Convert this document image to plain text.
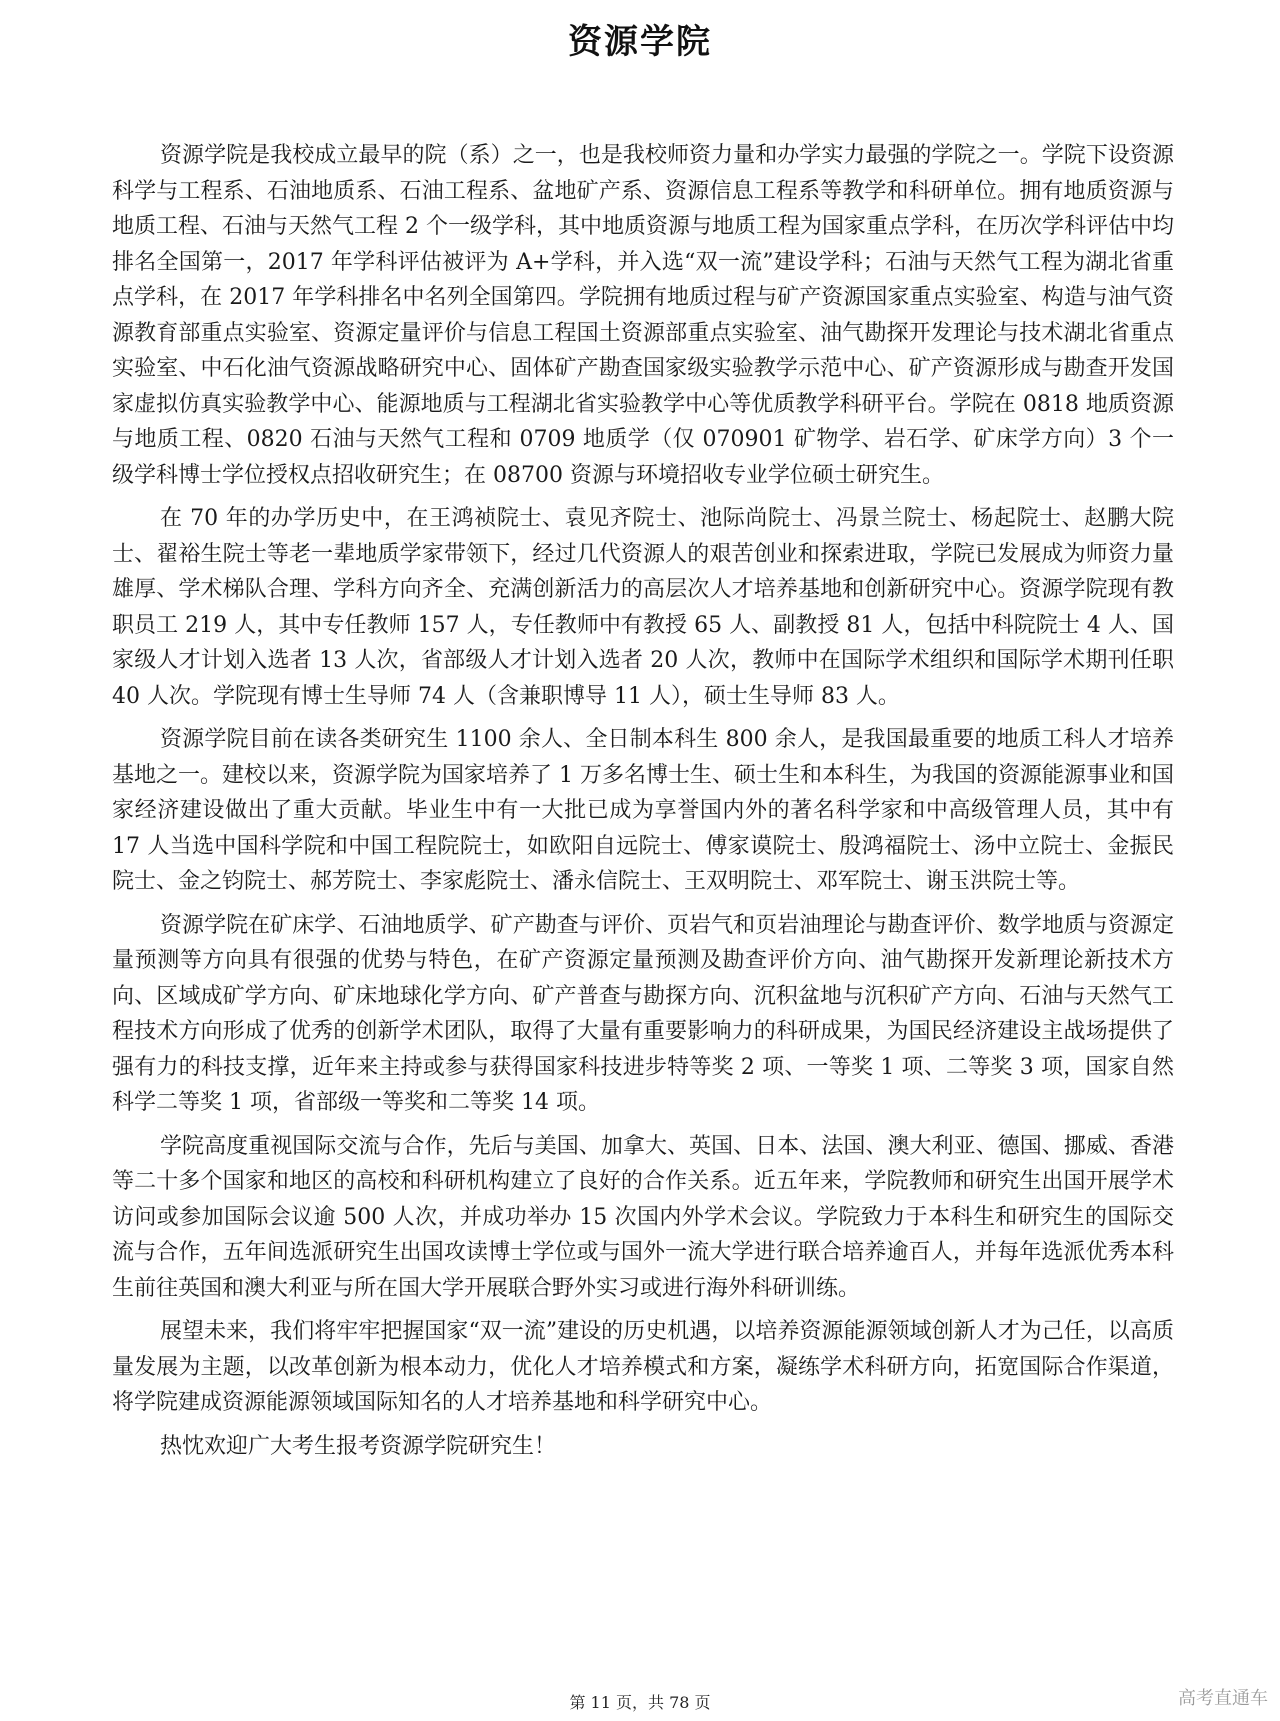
资源学院

资源学院是我校成立最早的院（系）之一，也是我校师资力量和办学实力最强的学院之一。学院下设资源科学与工程系、石油地质系、石油工程系、盆地矿产系、资源信息工程系等教学和科研单位。拥有地质资源与地质工程、石油与天然气工程 2 个一级学科，其中地质资源与地质工程为国家重点学科，在历次学科评估中均排名全国第一，2017 年学科评估被评为 A+学科，并入选“双一流”建设学科；石油与天然气工程为湖北省重点学科，在 2017 年学科排名中名列全国第四。学院拥有地质过程与矿产资源国家重点实验室、构造与油气资源教育部重点实验室、资源定量评价与信息工程国土资源部重点实验室、油气勘探开发理论与技术湖北省重点实验室、中石化油气资源战略研究中心、固体矿产勘查国家级实验教学示范中心、矿产资源形成与勘查开发国家虚拟仿真实验教学中心、能源地质与工程湖北省实验教学中心等优质教学科研平台。学院在 0818 地质资源与地质工程、0820 石油与天然气工程和 0709 地质学（仅 070901 矿物学、岩石学、矿床学方向）3 个一级学科博士学位授权点招收研究生；在 08700 资源与环境招收专业学位硕士研究生。

在 70 年的办学历史中，在王鸿祯院士、袁见齐院士、池际尚院士、冯景兰院士、杨起院士、赵鹏大院士、翟裕生院士等老一辈地质学家带领下，经过几代资源人的艰苦创业和探索进取，学院已发展成为师资力量雄厚、学术梯队合理、学科方向齐全、充满创新活力的高层次人才培养基地和创新研究中心。资源学院现有教职员工 219 人，其中专任教师 157 人，专任教师中有教授 65 人、副教授 81 人，包括中科院院士 4 人、国家级人才计划入选者 13 人次，省部级人才计划入选者 20 人次，教师中在国际学术组织和国际学术期刊任职 40 人次。学院现有博士生导师 74 人（含兼职博导 11 人），硕士生导师 83 人。

资源学院目前在读各类研究生 1100 余人、全日制本科生 800 余人，是我国最重要的地质工科人才培养基地之一。建校以来，资源学院为国家培养了 1 万多名博士生、硕士生和本科生，为我国的资源能源事业和国家经济建设做出了重大贡献。毕业生中有一大批已成为享誉国内外的著名科学家和中高级管理人员，其中有 17 人当选中国科学院和中国工程院院士，如欧阳自远院士、傅家谟院士、殷鸿福院士、汤中立院士、金振民院士、金之钧院士、郝芳院士、李家彪院士、潘永信院士、王双明院士、邓军院士、谢玉洪院士等。

资源学院在矿床学、石油地质学、矿产勘查与评价、页岩气和页岩油理论与勘查评价、数学地质与资源定量预测等方向具有很强的优势与特色，在矿产资源定量预测及勘查评价方向、油气勘探开发新理论新技术方向、区域成矿学方向、矿床地球化学方向、矿产普查与勘探方向、沉积盆地与沉积矿产方向、石油与天然气工程技术方向形成了优秀的创新学术团队，取得了大量有重要影响力的科研成果，为国民经济建设主战场提供了强有力的科技支撑，近年来主持或参与获得国家科技进步特等奖 2 项、一等奖 1 项、二等奖 3 项，国家自然科学二等奖 1 项，省部级一等奖和二等奖 14 项。

学院高度重视国际交流与合作，先后与美国、加拿大、英国、日本、法国、澳大利亚、德国、挪威、香港等二十多个国家和地区的高校和科研机构建立了良好的合作关系。近五年来，学院教师和研究生出国开展学术访问或参加国际会议逾 500 人次，并成功举办 15 次国内外学术会议。学院致力于本科生和研究生的国际交流与合作，五年间选派研究生出国攻读博士学位或与国外一流大学进行联合培养逾百人，并每年选派优秀本科生前往英国和澳大利亚与所在国大学开展联合野外实习或进行海外科研训练。

展望未来，我们将牢牢把握国家“双一流”建设的历史机遇，以培养资源能源领域创新人才为己任，以高质量发展为主题，以改革创新为根本动力，优化人才培养模式和方案，凝练学术科研方向，拓宽国际合作渠道，将学院建成资源能源领域国际知名的人才培养基地和科学研究中心。

热忱欢迎广大考生报考资源学院研究生！

第 11 页，共 78 页	高考直通车
